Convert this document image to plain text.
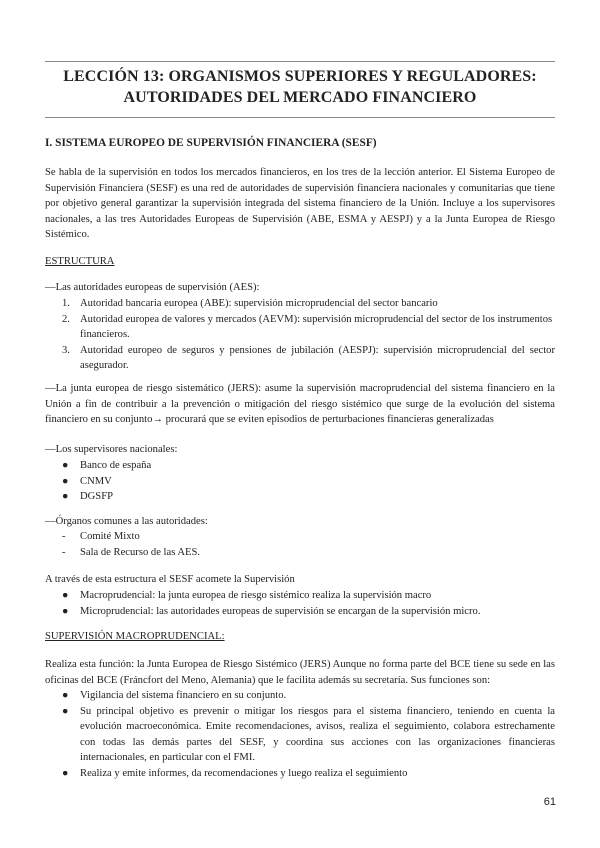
LECCIÓN 13: ORGANISMOS SUPERIORES Y REGULADORES:
AUTORIDADES DEL MERCADO FINANCIERO
I. SISTEMA EUROPEO DE SUPERVISIÓN FINANCIERA (SESF)
Se habla de la supervisión en todos los mercados financieros, en los tres de la lección anterior. El Sistema Europeo de Supervisión Financiera (SESF) es una red de autoridades de supervisión financiera nacionales y comunitarias que tiene por objetivo general garantizar la supervisión integrada del sistema financiero de la Unión. Incluye a los supervisores nacionales, a las tres Autoridades Europeas de Supervisión (ABE, ESMA y AESPJ) y a la Junta Europea de Riesgo Sistémico.
ESTRUCTURA
—Las autoridades europeas de supervisión (AES):
1. Autoridad bancaria europea (ABE): supervisión microprudencial del sector bancario
2. Autoridad europea de valores y mercados (AEVM): supervisión microprudencial del sector de los instrumentos financieros.
3. Autoridad europeo de seguros y pensiones de jubilación (AESPJ): supervisión microprudencial del sector asegurador.
—La junta europea de riesgo sistemático (JERS): asume la supervisión macroprudencial del sistema financiero en la Unión a fin de contribuir a la prevención o mitigación del riesgo sistémico que surge de la evolución del sistema financiero en su conjunto→ procurará que se eviten episodios de perturbaciones financieras generalizadas
—Los supervisores nacionales:
● Banco de españa
● CNMV
● DGSFP
—Órganos comunes a las autoridades:
- Comité Mixto
- Sala de Recurso de las AES.
A través de esta estructura el SESF acomete la Supervisión
● Macroprudencial: la junta europea de riesgo sistémico realiza la supervisión macro
● Microprudencial: las autoridades europeas de supervisión se encargan de la supervisión micro.
SUPERVISIÓN MACROPRUDENCIAL:
Realiza esta función: la Junta Europea de Riesgo Sistémico (JERS) Aunque no forma parte del BCE tiene su sede en las oficinas del BCE (Fráncfort del Meno, Alemania) que le facilita además su secretaría. Sus funciones son:
● Vigilancia del sistema financiero en su conjunto.
● Su principal objetivo es prevenir o mitigar los riesgos para el sistema financiero, teniendo en cuenta la evolución macroeconómica. Emite recomendaciones, avisos, realiza el seguimiento, colabora estrechamente con todas las demás partes del SESF, y coordina sus acciones con las organizaciones financieras internacionales, en particular con el FMI.
● Realiza y emite informes, da recomendaciones y luego realiza el seguimiento
61
